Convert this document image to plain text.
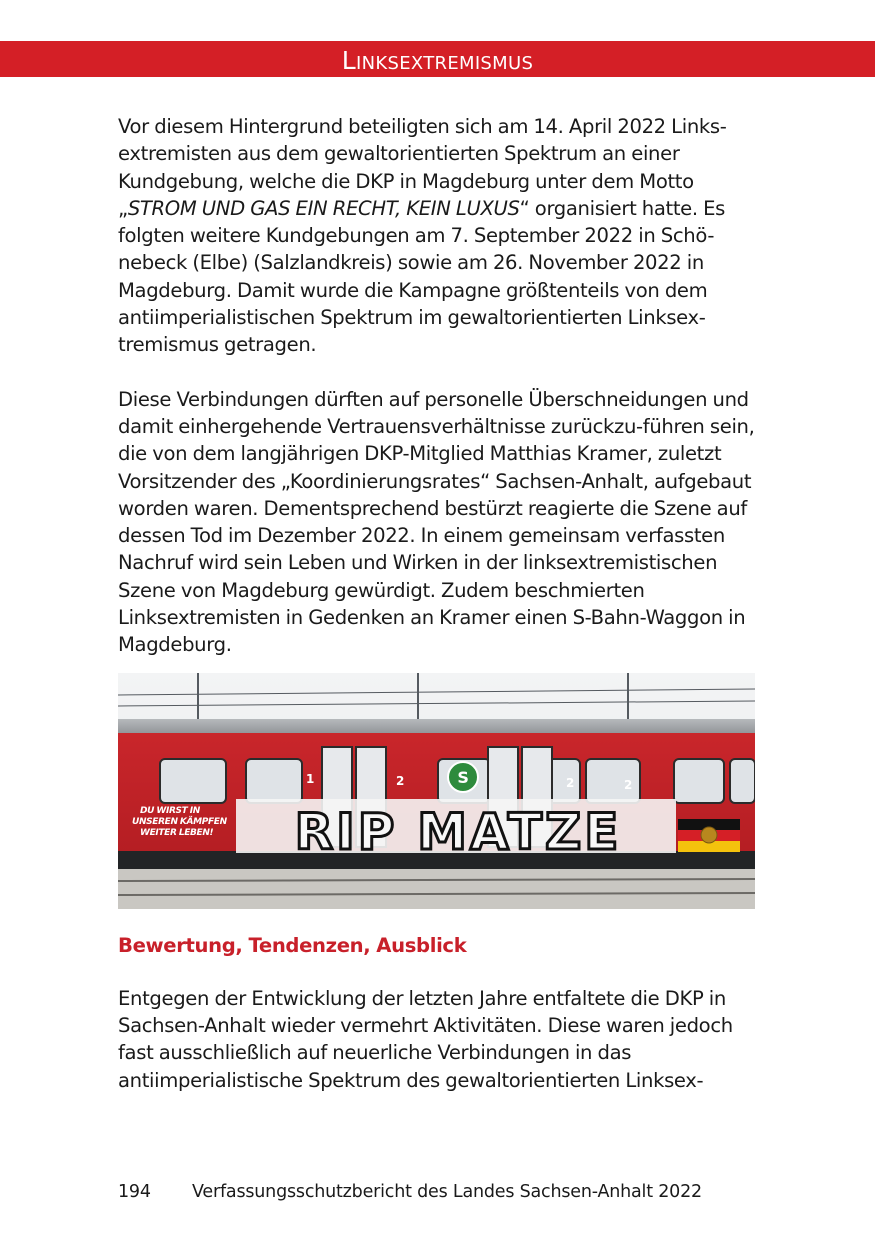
Linksextremismus

Vor diesem Hintergrund beteiligten sich am 14. April 2022 Links-extremisten aus dem gewaltorientierten Spektrum an einer Kundgebung, welche die DKP in Magdeburg unter dem Motto „STROM UND GAS EIN RECHT, KEIN LUXUS“ organisiert hatte. Es folgten weitere Kundgebungen am 7. September 2022 in Schö-nebeck (Elbe) (Salzlandkreis) sowie am 26. November 2022 in Magdeburg. Damit wurde die Kampagne größtenteils von dem antiimperialistischen Spektrum im gewaltorientierten Linksex-tremismus getragen.

Diese Verbindungen dürften auf personelle Überschneidungen und damit einhergehende Vertrauensverhältnisse zurückzu-führen sein, die von dem langjährigen DKP-Mitglied Matthias Kramer, zuletzt Vorsitzender des „Koordinierungsrates“ Sachsen-Anhalt, aufgebaut worden waren. Dementsprechend bestürzt reagierte die Szene auf dessen Tod im Dezember 2022. In einem gemeinsam verfassten Nachruf wird sein Leben und Wirken in der linksextremistischen Szene von Magdeburg gewürdigt. Zudem beschmierten Linksextremisten in Gedenken an Kramer einen S-Bahn-Waggon in Magdeburg.

1	2	2	2
S
RIP MATZE
DU WIRST IN
UNSEREN KÄMPFEN
WEITER LEBEN!
Bewertung, Tendenzen, Ausblick

Entgegen der Entwicklung der letzten Jahre entfaltete die DKP in Sachsen-Anhalt wieder vermehrt Aktivitäten. Diese waren jedoch fast ausschließlich auf neuerliche Verbindungen in das antiimperialistische Spektrum des gewaltorientierten Linksex-

194 Verfassungsschutzbericht des Landes Sachsen-Anhalt 2022
